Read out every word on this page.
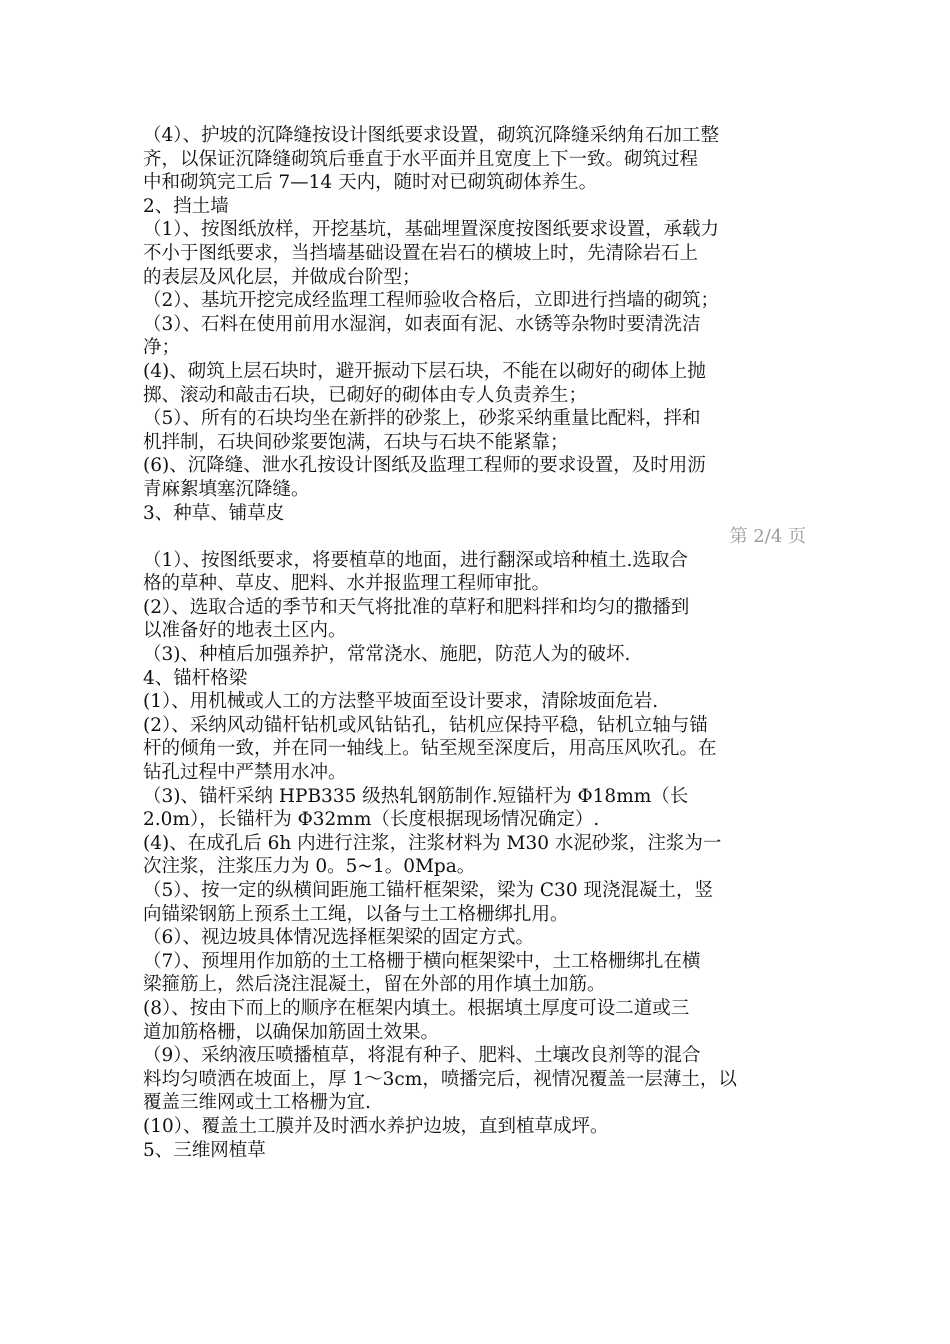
（4）、护坡的沉降缝按设计图纸要求设置，砌筑沉降缝采纳角石加工整
齐，以保证沉降缝砌筑后垂直于水平面并且宽度上下一致。砌筑过程
中和砌筑完工后 7—14 天内，随时对已砌筑砌体养生。
2、挡土墙
（1）、按图纸放样，开挖基坑，基础埋置深度按图纸要求设置，承载力
不小于图纸要求，当挡墙基础设置在岩石的横坡上时，先清除岩石上
的表层及风化层，并做成台阶型；
（2）、基坑开挖完成经监理工程师验收合格后，立即进行挡墙的砌筑；
（3）、石料在使用前用水湿润，如表面有泥、水锈等杂物时要清洗洁
净；
(4)、砌筑上层石块时，避开振动下层石块，不能在以砌好的砌体上抛
掷、滚动和敲击石块，已砌好的砌体由专人负责养生；
（5）、所有的石块均坐在新拌的砂浆上，砂浆采纳重量比配料，拌和
机拌制，石块间砂浆要饱满，石块与石块不能紧靠；
(6)、沉降缝、泄水孔按设计图纸及监理工程师的要求设置，及时用沥
青麻絮填塞沉降缝。
3、种草、铺草皮
第 2/4 页
（1）、按图纸要求，将要植草的地面，进行翻深或培种植土.选取合
格的草种、草皮、肥料、水并报监理工程师审批。
(2）、选取合适的季节和天气将批准的草籽和肥料拌和均匀的撒播到
以准备好的地表土区内。
（3)、种植后加强养护，常常浇水、施肥，防范人为的破坏.
4、锚杆格梁
(1）、用机械或人工的方法整平坡面至设计要求，清除坡面危岩.
(2）、采纳风动锚杆钻机或风钻钻孔，钻机应保持平稳，钻机立轴与锚
杆的倾角一致，并在同一轴线上。钻至规至深度后，用高压风吹孔。在
钻孔过程中严禁用水冲。
（3)、锚杆采纳 HPB335 级热轧钢筋制作.短锚杆为 Φ18mm（长
2.0m），长锚杆为 Φ32mm（长度根据现场情况确定）.
(4)、在成孔后 6h 内进行注浆，注浆材料为 M30 水泥砂浆，注浆为一
次注浆，注浆压力为 0。5~1。0Mpa。
（5）、按一定的纵横间距施工锚杆框架梁，梁为 C30 现浇混凝土，竖
向锚梁钢筋上预系土工绳，以备与土工格栅绑扎用。
（6）、视边坡具体情况选择框架梁的固定方式。
（7）、预埋用作加筋的土工格栅于横向框架梁中，土工格栅绑扎在横
梁箍筋上，然后浇注混凝土，留在外部的用作填土加筋。
(8）、按由下而上的顺序在框架内填土。根据填土厚度可设二道或三
道加筋格栅，以确保加筋固土效果。
（9）、采纳液压喷播植草，将混有种子、肥料、土壤改良剂等的混合
料均匀喷洒在坡面上，厚 1～3cm，喷播完后，视情况覆盖一层薄土，以
覆盖三维网或土工格栅为宜.
(10）、覆盖土工膜并及时洒水养护边坡，直到植草成坪。
5、三维网植草
